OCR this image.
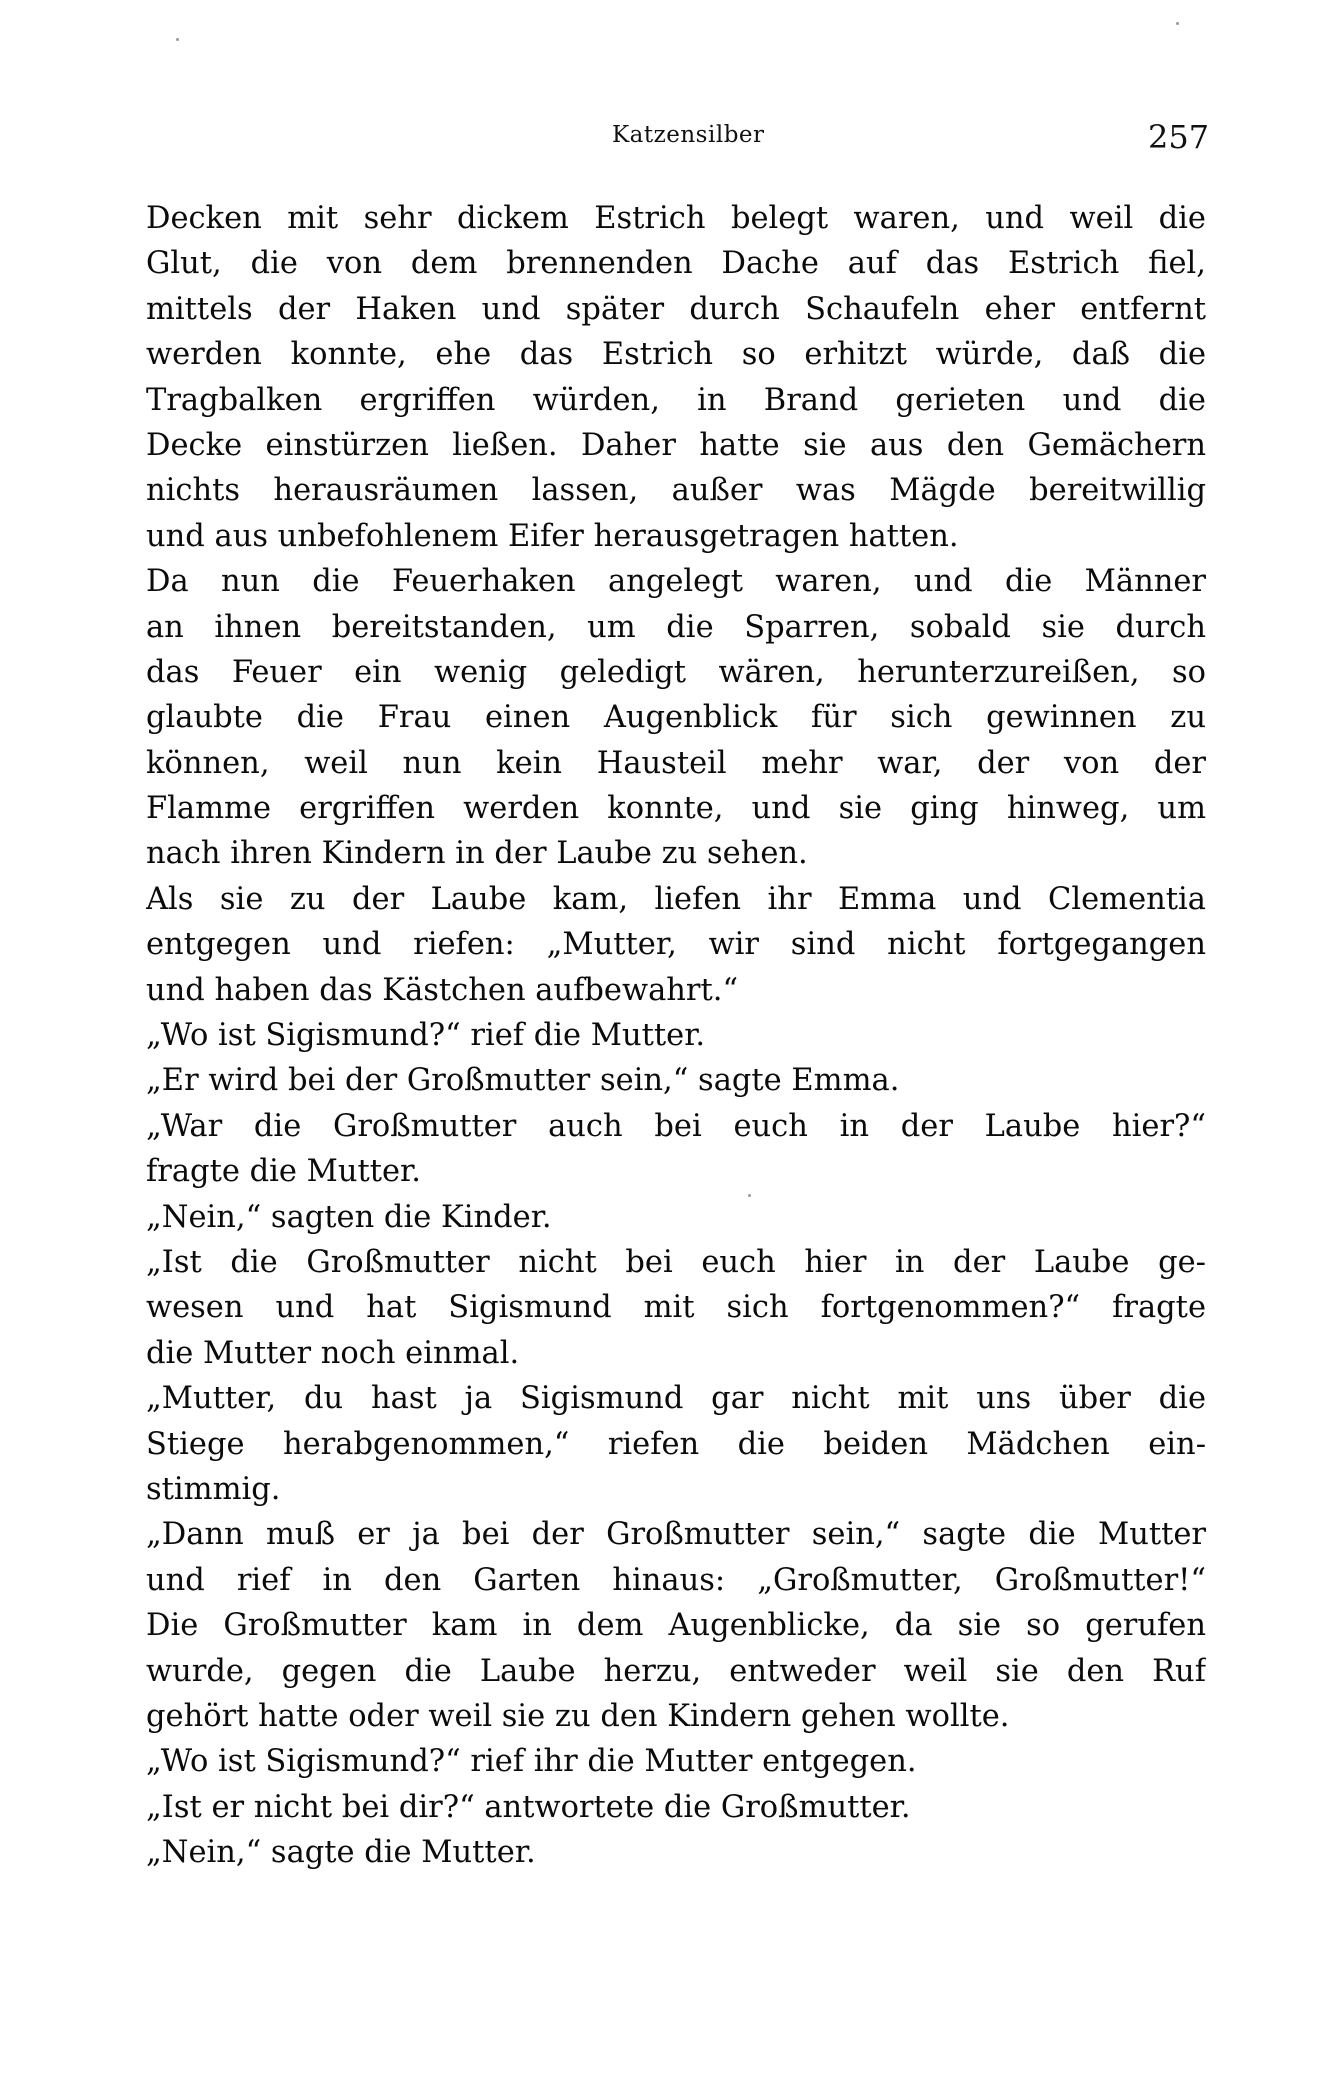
Katzensilber	257
Decken mit sehr dickem Estrich belegt waren, und weil die
Glut, die von dem brennenden Dache auf das Estrich fiel,
mittels der Haken und später durch Schaufeln eher entfernt
werden konnte, ehe das Estrich so erhitzt würde, daß die
Tragbalken ergriffen würden, in Brand gerieten und die
Decke einstürzen ließen. Daher hatte sie aus den Gemächern
nichts herausräumen lassen, außer was Mägde bereitwillig
und aus unbefohlenem Eifer herausgetragen hatten.
Da nun die Feuerhaken angelegt waren, und die Männer
an ihnen bereitstanden, um die Sparren, sobald sie durch
das Feuer ein wenig geledigt wären, herunterzureißen, so
glaubte die Frau einen Augenblick für sich gewinnen zu
können, weil nun kein Hausteil mehr war, der von der
Flamme ergriffen werden konnte, und sie ging hinweg, um
nach ihren Kindern in der Laube zu sehen.
Als sie zu der Laube kam, liefen ihr Emma und Clementia
entgegen und riefen: „Mutter, wir sind nicht fortgegangen
und haben das Kästchen aufbewahrt.“
„Wo ist Sigismund?“ rief die Mutter.
„Er wird bei der Großmutter sein,“ sagte Emma.
„War die Großmutter auch bei euch in der Laube hier?“
fragte die Mutter.
„Nein,“ sagten die Kinder.
„Ist die Großmutter nicht bei euch hier in der Laube ge-
wesen und hat Sigismund mit sich fortgenommen?“ fragte
die Mutter noch einmal.
„Mutter, du hast ja Sigismund gar nicht mit uns über die
Stiege herabgenommen,“ riefen die beiden Mädchen ein-
stimmig.
„Dann muß er ja bei der Großmutter sein,“ sagte die Mutter
und rief in den Garten hinaus: „Großmutter, Großmutter!“
Die Großmutter kam in dem Augenblicke, da sie so gerufen
wurde, gegen die Laube herzu, entweder weil sie den Ruf
gehört hatte oder weil sie zu den Kindern gehen wollte.
„Wo ist Sigismund?“ rief ihr die Mutter entgegen.
„Ist er nicht bei dir?“ antwortete die Großmutter.
„Nein,“ sagte die Mutter.
